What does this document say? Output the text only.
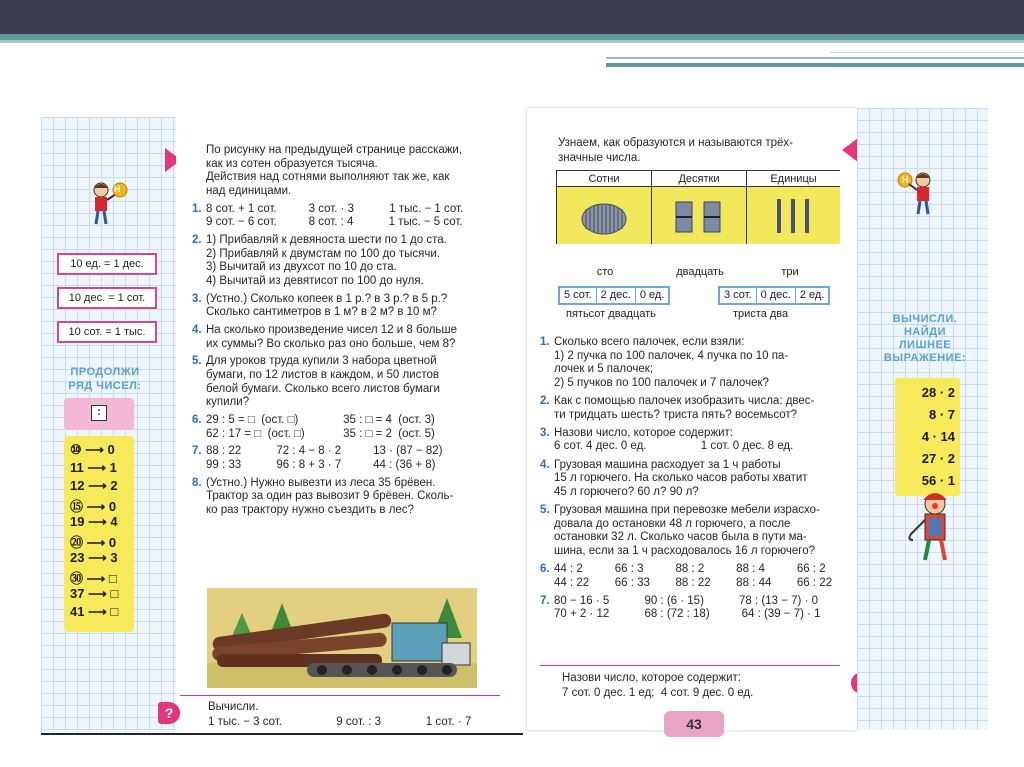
Н
10 ед. = 1 дес.
10 дес. = 1 сот.
10 сот. = 1 тыс.
ПРОДОЛЖИ
РЯД ЧИСЕЛ:
:
⑩ ⟶ 0
11 ⟶ 1
12 ⟶ 2
⑮ ⟶ 0
19 ⟶ 4
⑳ ⟶ 0
23 ⟶ 3
㉚ ⟶ □
37 ⟶ □
41 ⟶ □
По рисунку на предыдущей странице расскажи,
как из сотен образуется тысяча.
Действия над сотнями выполняют так же, как
над единицами.
1. 8 сот. + 1 сот.          3 сот. · 3           1 тыс. − 1 сот.
9 сот. − 6 сот.          8 сот. : 4           1 тыс. − 5 сот.
2. 1) Прибавляй к девяноста шести по 1 до ста.
2) Прибавляй к двумстам по 100 до тысячи.
3) Вычитай из двухсот по 10 до ста.
4) Вычитай из девятисот по 100 до нуля.
3. (Устно.) Сколько копеек в 1 р.? в 3 р.? в 5 р.?
Сколько сантиметров в 1 м? в 2 м? в 10 м?
4. На сколько произведение чисел 12 и 8 больше
их суммы? Во сколько раз оно больше, чем 8?
5. Для уроков труда купили 3 набора цветной
бумаги, по 12 листов в каждом, и 50 листов
белой бумаги. Сколько всего листов бумаги
купили?
6. 29 : 5 = □  (ост. □)              35 : □ = 4  (ост. 3)
62 : 17 = □  (ост. □)            35 : □ = 2  (ост. 5)
7. 88 : 22           72 : 4 − 8 · 2          13 · (87 − 82)
99 : 33           96 : 8 + 3 · 7          44 : (36 + 8)
8. (Устно.) Нужно вывезти из леса 35 брёвен.
Трактор за один раз вывозит 9 брёвен. Сколь-
ко раз трактору нужно съездить в лес?
?	Вычисли.
1 тыс. − 3 сот.                 9 сот. : 3              1 сот. · 7
Узнаем, как образуются и называются трёх-
значные числа.
Сотни	Десятки	Единицы
сто	двадцать	три
5 сот. 2 дес. 0 ед.
пятьсот двадцать
3 сот. 0 дес. 2 ед.
триста два
1. Сколько всего палочек, если взяли:
1) 2 пучка по 100 палочек, 4 пучка по 10 па-
лочек и 5 палочек;
2) 5 пучков по 100 палочек и 7 палочек?
2. Как с помощью палочек изобразить числа: двес-
ти тридцать шесть? триста пять? восемьсот?
3. Назови число, которое содержит:
6 сот. 4 дес. 0 ед.                 1 сот. 0 дес. 8 ед.
4. Грузовая машина расходует за 1 ч работы
15 л горючего. На сколько часов работы хватит
45 л горючего? 60 л? 90 л?
5. Грузовая машина при перевозке мебели израсхо-
довала до остановки 48 л горючего, а после
остановки 32 л. Сколько часов была в пути ма-
шина, если за 1 ч расходовалось 16 л горючего?
6. 44 : 2          66 : 3          88 : 2          88 : 4          66 : 2
44 : 22        66 : 33        88 : 22        88 : 44        66 : 22
7. 80 − 16 · 5           90 : (6 · 15)           78 : (13 − 7) · 0
70 + 2 · 12           68 : (72 : 18)          64 : (39 − 7) · 1
Назови число, которое содержит:
7 сот. 0 дес. 1 ед;  4 сот. 9 дес. 0 ед.
43
Н
ВЫЧИСЛИ.
НАЙДИ
ЛИШНЕЕ
ВЫРАЖЕНИЕ:
28 · 2
8 · 7
4 · 14
27 · 2
56 · 1
